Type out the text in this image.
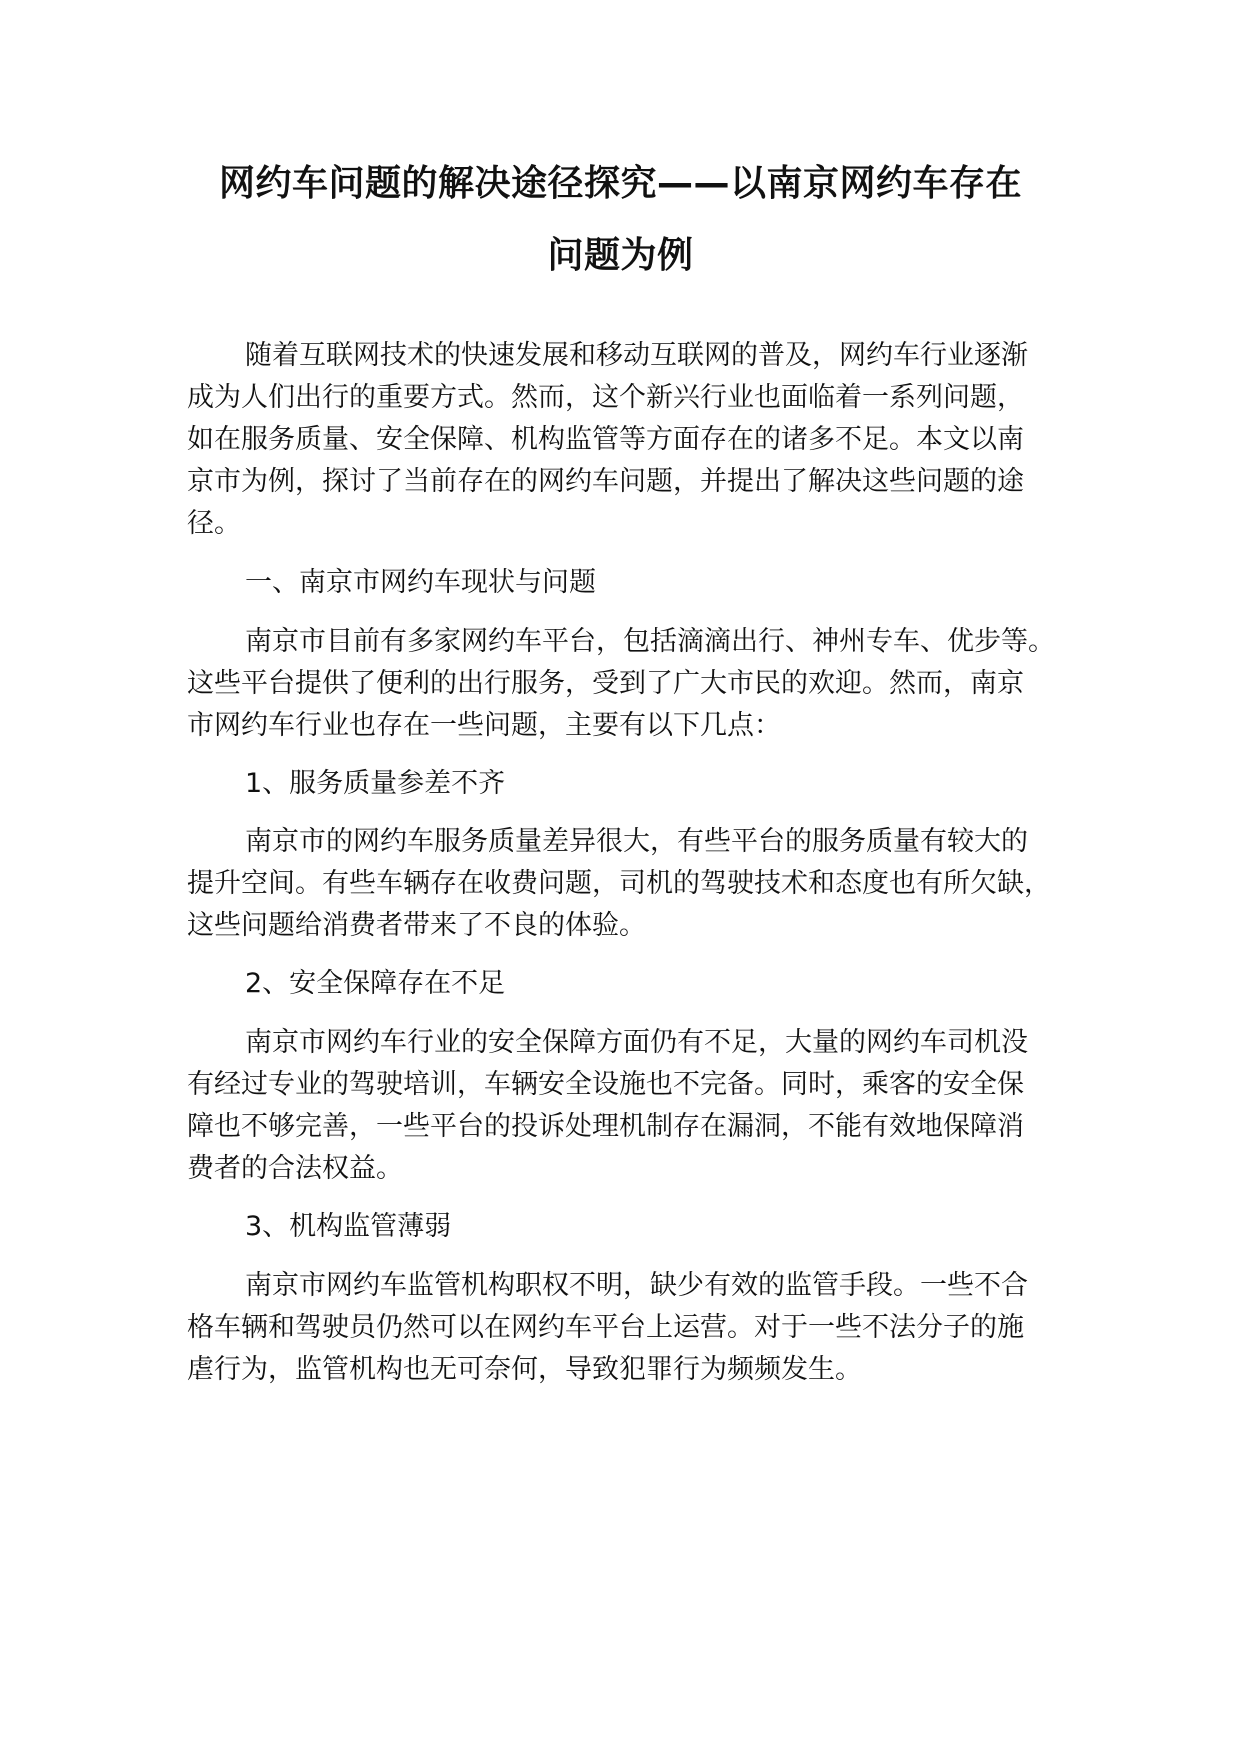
网约车问题的解决途径探究——以南京网约车存在
问题为例

随着互联网技术的快速发展和移动互联网的普及，网约车行业逐渐

成为人们出行的重要方式。然而，这个新兴行业也面临着一系列问题，

如在服务质量、安全保障、机构监管等方面存在的诸多不足。本文以南

京市为例，探讨了当前存在的网约车问题，并提出了解决这些问题的途

径。

一、南京市网约车现状与问题

南京市目前有多家网约车平台，包括滴滴出行、神州专车、优步等。

这些平台提供了便利的出行服务，受到了广大市民的欢迎。然而，南京

市网约车行业也存在一些问题，主要有以下几点：

1、服务质量参差不齐

南京市的网约车服务质量差异很大，有些平台的服务质量有较大的

提升空间。有些车辆存在收费问题，司机的驾驶技术和态度也有所欠缺，

这些问题给消费者带来了不良的体验。

2、安全保障存在不足

南京市网约车行业的安全保障方面仍有不足，大量的网约车司机没

有经过专业的驾驶培训，车辆安全设施也不完备。同时，乘客的安全保

障也不够完善，一些平台的投诉处理机制存在漏洞，不能有效地保障消

费者的合法权益。

3、机构监管薄弱

南京市网约车监管机构职权不明，缺少有效的监管手段。一些不合

格车辆和驾驶员仍然可以在网约车平台上运营。对于一些不法分子的施

虐行为，监管机构也无可奈何，导致犯罪行为频频发生。
